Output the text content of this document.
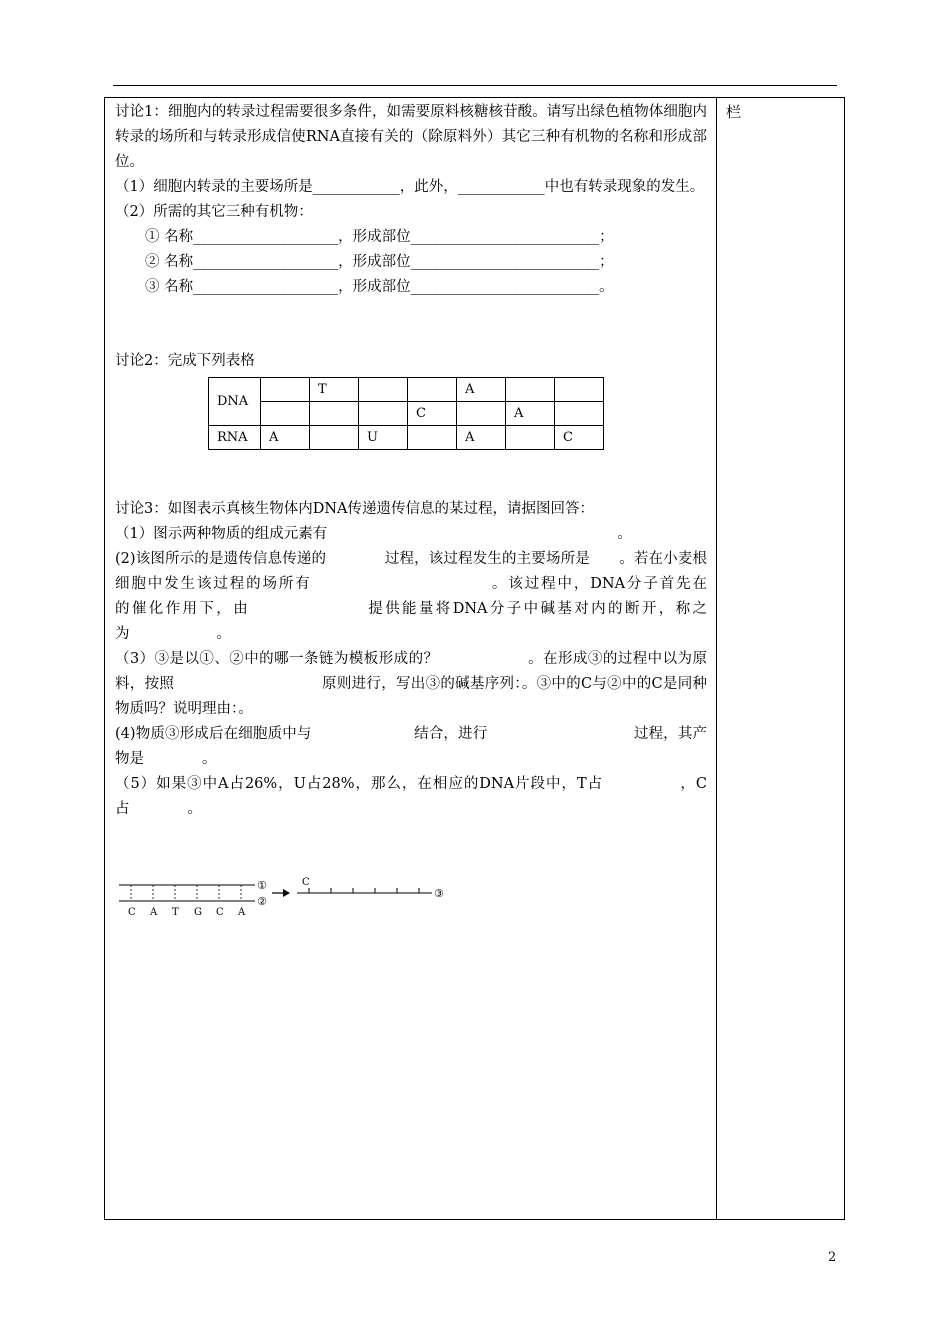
栏

讨论1：细胞内的转录过程需要很多条件，如需要原料核糖核苷酸。请写出绿色植物体细胞内转录的场所和与转录形成信使RNA直接有关的（除原料外）其它三种有机物的名称和形成部位。

（1）细胞内转录的主要场所是____________，此外，____________中也有转录现象的发生。

（2）所需的其它三种有机物：

① 名称____________________，形成部位__________________________；

② 名称____________________，形成部位__________________________；

③ 名称____________________，形成部位__________________________。

讨论2：完成下列表格

DNA		T			A		
				C		A	
RNA	A		U		A		C

讨论3：如图表示真核生物体内DNA传递遗传信息的某过程，请据图回答：

（1）图示两种物质的组成元素有　　　　　　　　　　　　　　　　　　　　。

(2)该图所示的是遗传信息传递的　　　　过程，该过程发生的主要场所是　　。若在小麦根细胞中发生该过程的场所有　　　　　　　　　　　。该过程中，DNA分子首先在　　　　　　的催化作用下，由　　　　　　　提供能量将DNA分子中碱基对内的断开，称之为　　　　　　。

（3）③是以①、②中的哪一条链为模板形成的？　　　　　　。在形成③的过程中以为原料，按照　　　　　　　　　　原则进行，写出③的碱基序列：。③中的C与②中的C是同种物质吗？说明理由：。

(4)物质③形成后在细胞质中与　　　　　　　结合，进行　　　　　　　　　　过程，其产物是　　　　。

（5）如果③中A占26%，U占28%，那么，在相应的DNA片段中，T占　　　　　，C占　　　　。

①
②
C A T G C A
C
③
2
